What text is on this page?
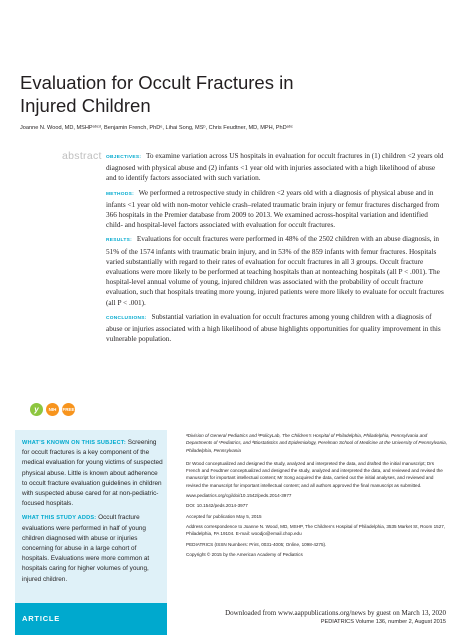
Evaluation for Occult Fractures in
Injured Children
Joanne N. Wood, MD, MSHPᵃᵇᶜᵈ, Benjamin French, PhDᵉ, Lihai Song, MSᵇ, Chris Feudtner, MD, MPH, PhDᵃᵇᶜ
abstract OBJECTIVES: To examine variation across US hospitals in evaluation for occult fractures in (1) children <2 years old diagnosed with physical abuse and (2) infants <1 year old with injuries associated with a high likelihood of abuse and to identify factors associated with such variation.

METHODS: We performed a retrospective study in children <2 years old with a diagnosis of physical abuse and in infants <1 year old with non-motor vehicle crash–related traumatic brain injury or femur fractures discharged from 366 hospitals in the Premier database from 2009 to 2013. We examined across-hospital variation and identified child- and hospital-level factors associated with evaluation for occult fractures.

RESULTS: Evaluations for occult fractures were performed in 48% of the 2502 children with an abuse diagnosis, in 51% of the 1574 infants with traumatic brain injury, and in 53% of the 859 infants with femur fractures. Hospitals varied substantially with regard to their rates of evaluation for occult fractures in all 3 groups. Occult fracture evaluations were more likely to be performed at teaching hospitals than at nonteaching hospitals (all P < .001). The hospital-level annual volume of young, injured children was associated with the probability of occult fracture evaluation, such that hospitals treating more young, injured patients were more likely to evaluate for occult fractures (all P < .001).

CONCLUSIONS: Substantial variation in evaluation for occult fractures among young children with a diagnosis of abuse or injuries associated with a high likelihood of abuse highlights opportunities for quality improvement in this vulnerable population.

y	NIH	FREE

WHAT’S KNOWN ON THIS SUBJECT: Screening for occult fractures is a key component of the medical evaluation for young victims of suspected physical abuse. Little is known about adherence to occult fracture evaluation guidelines in children with suspected abuse cared for at non-pediatric-focused hospitals.

WHAT THIS STUDY ADDS: Occult fracture evaluations were performed in half of young children diagnosed with abuse or injuries concerning for abuse in a large cohort of hospitals. Evaluations were more common at hospitals caring for higher volumes of young, injured children.

ᵃDivision of General Pediatrics and ᵇPolicyLab, The Children’s Hospital of Philadelphia, Philadelphia, Pennsylvania and Departments of ᶜPediatrics, and ᵈBiostatistics and Epidemiology, Perelman School of Medicine at the University of Pennsylvania, Philadelphia, Pennsylvania

Dr Wood conceptualized and designed the study, analyzed and interpreted the data, and drafted the initial manuscript; Drs French and Feudtner conceptualized and designed the study, analyzed and interpreted the data, and reviewed and revised the manuscript for important intellectual content; Mr Song acquired the data, carried out the initial analyses, and reviewed and revised the manuscript for important intellectual content; and all authors approved the final manuscript as submitted.

www.pediatrics.org/cgi/doi/10.1542/peds.2014-3977

DOI: 10.1542/peds.2014-3977

Accepted for publication May 5, 2015

Address correspondence to Joanne N. Wood, MD, MSHP, The Children’s Hospital of Philadelphia, 3535 Market St, Room 1527, Philadelphia, PA 19104. E-mail: woodjo@email.chop.edu

PEDIATRICS (ISSN Numbers: Print, 0031-4005; Online, 1098-4275).

Copyright © 2015 by the American Academy of Pediatrics

ARTICLE
Downloaded from www.aappublications.org/news by guest on March 13, 2020
PEDIATRICS Volume 136, number 2, August 2015
